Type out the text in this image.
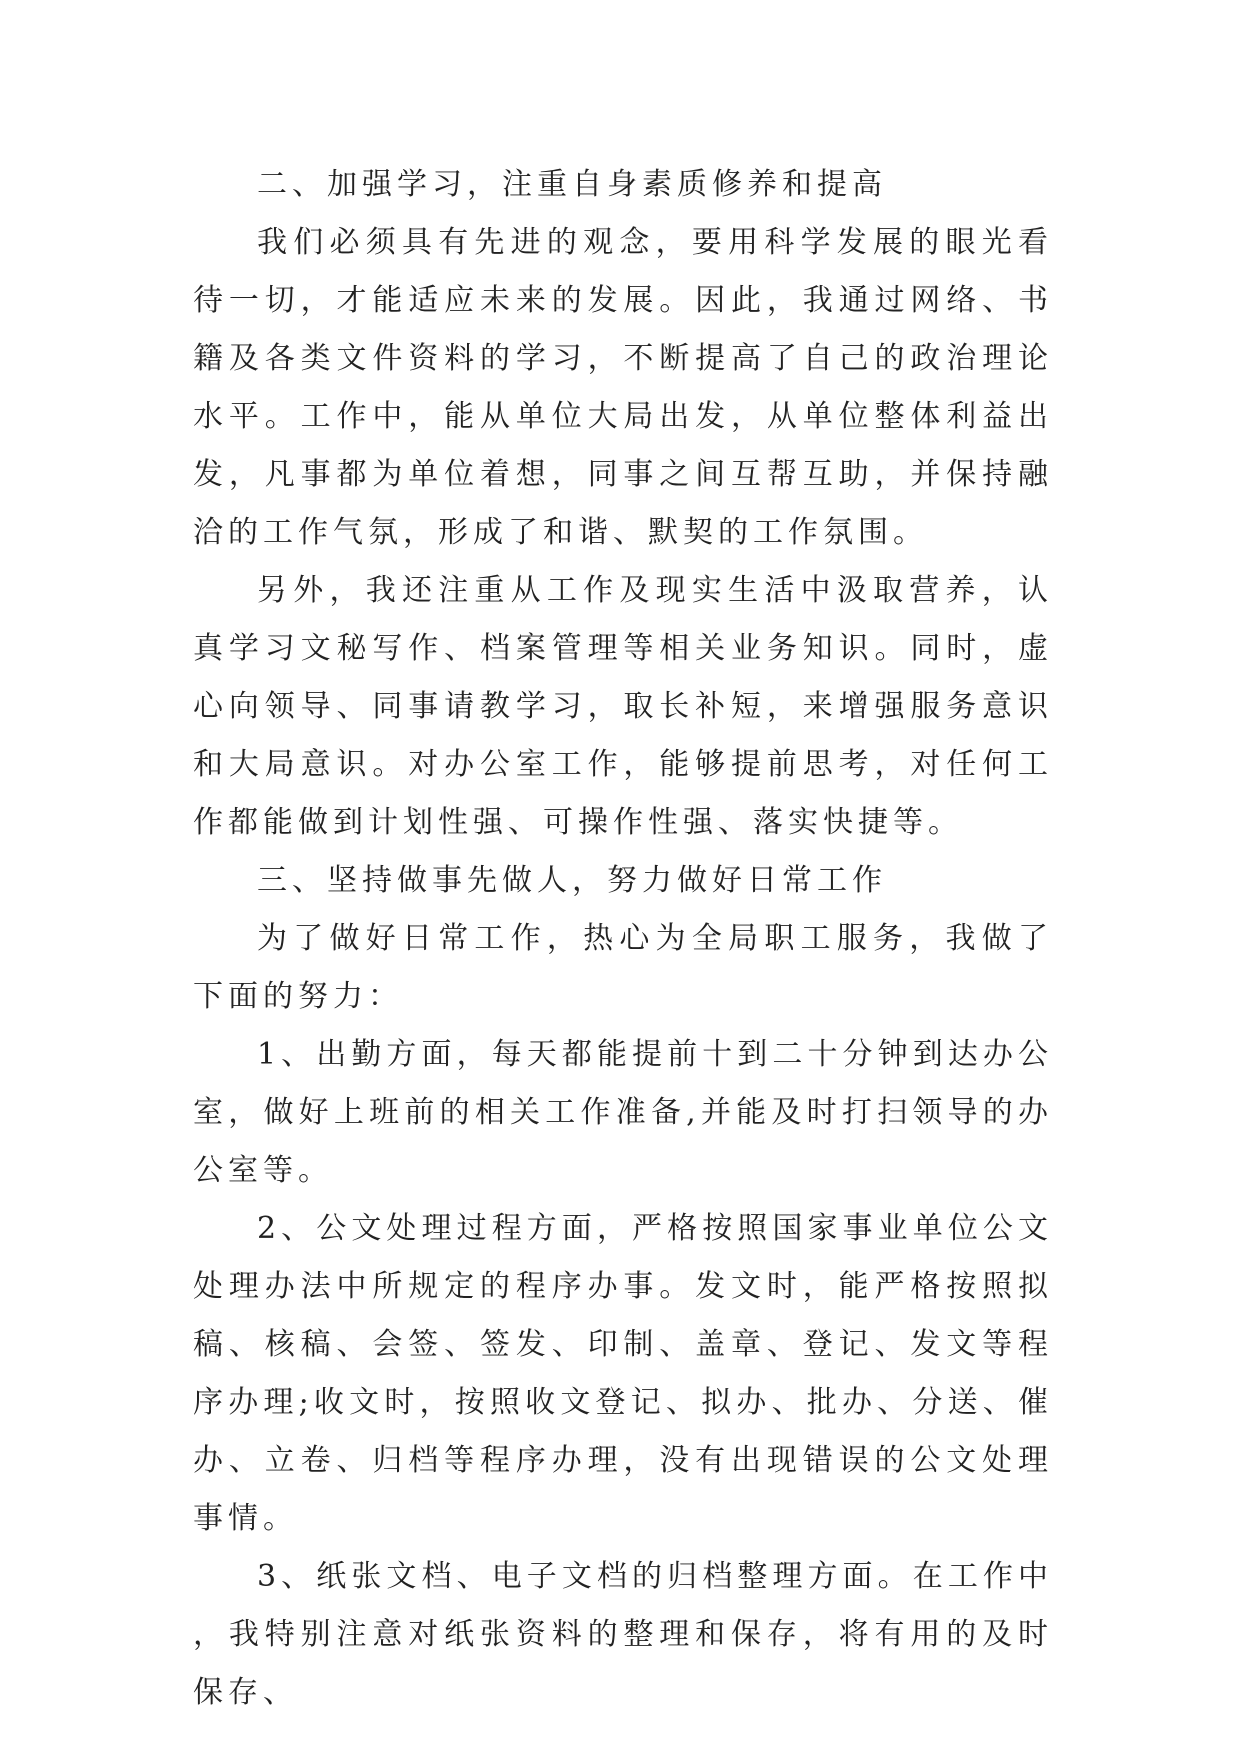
二、加强学习，注重自身素质修养和提高

我们必须具有先进的观念，要用科学发展的眼光看待一切，才能适应未来的发展。因此，我通过网络、书籍及各类文件资料的学习，不断提高了自己的政治理论水平。工作中，能从单位大局出发，从单位整体利益出发，凡事都为单位着想，同事之间互帮互助，并保持融洽的工作气氛，形成了和谐、默契的工作氛围。

另外，我还注重从工作及现实生活中汲取营养，认真学习文秘写作、档案管理等相关业务知识。同时，虚心向领导、同事请教学习，取长补短，来增强服务意识和大局意识。对办公室工作，能够提前思考，对任何工作都能做到计划性强、可操作性强、落实快捷等。

三、坚持做事先做人，努力做好日常工作

为了做好日常工作，热心为全局职工服务，我做了下面的努力：

1、出勤方面，每天都能提前十到二十分钟到达办公室，做好上班前的相关工作准备,并能及时打扫领导的办公室等。

2、公文处理过程方面，严格按照国家事业单位公文处理办法中所规定的程序办事。发文时，能严格按照拟稿、核稿、会签、签发、印制、盖章、登记、发文等程序办理;收文时，按照收文登记、拟办、批办、分送、催办、立卷、归档等程序办理，没有出现错误的公文处理事情。

3、纸张文档、电子文档的归档整理方面。在工作中，我特别注意对纸张资料的整理和保存，将有用的及时保存、
